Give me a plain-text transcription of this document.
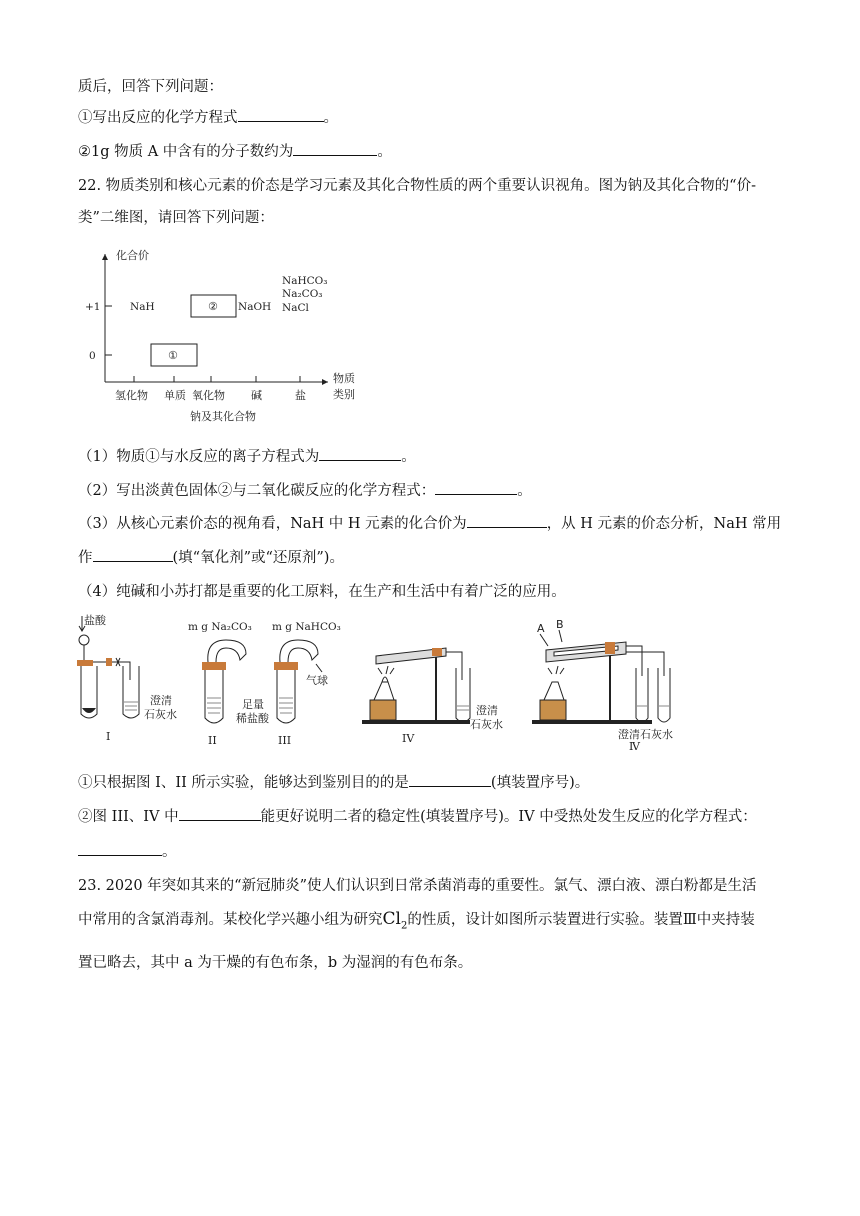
质后，回答下列问题：
①写出反应的化学方程式	。
②1g 物质 A 中含有的分子数约为	。
22. 物质类别和核心元素的价态是学习元素及其化合物性质的两个重要认识视角。图为钠及其化合物的“价-
类”二维图，请回答下列问题：
化合价
+1
0
氢化物 单质 氧化物 碱	盐
物质
类别
钠及其化合物
①
②
NaH	NaOH
NaHCO₃
Na₂CO₃
NaCl
（1）物质①与水反应的离子方程式为	。
（2）写出淡黄色固体②与二氧化碳反应的化学方程式：	。
（3）从核心元素价态的视角看，NaH 中 H 元素的化合价为	，从 H 元素的价态分析，NaH 常用
作	(填“氧化剂”或“还原剂”)。
（4）纯碱和小苏打都是重要的化工原料，在生产和生活中有着广泛的应用。
盐酸
澄清
石灰水
I
m g Na₂CO₃
足量
稀盐酸
II
m g NaHCO₃
气球
III
澄清
石灰水
IV
A B
澄清石灰水
Ⅳ
①只根据图 I、II 所示实验，能够达到鉴别目的的是	(填装置序号)。
②图 III、IV 中	能更好说明二者的稳定性(填装置序号)。IV 中受热处发生反应的化学方程式：
。
23. 2020 年突如其来的“新冠肺炎”使人们认识到日常杀菌消毒的重要性。氯气、漂白液、漂白粉都是生活
中常用的含氯消毒剂。某校化学兴趣小组为研究$Cl_2$的性质，设计如图所示装置进行实验。装置Ⅲ中夹持装
置已略去，其中 a 为干燥的有色布条，b 为湿润的有色布条。
